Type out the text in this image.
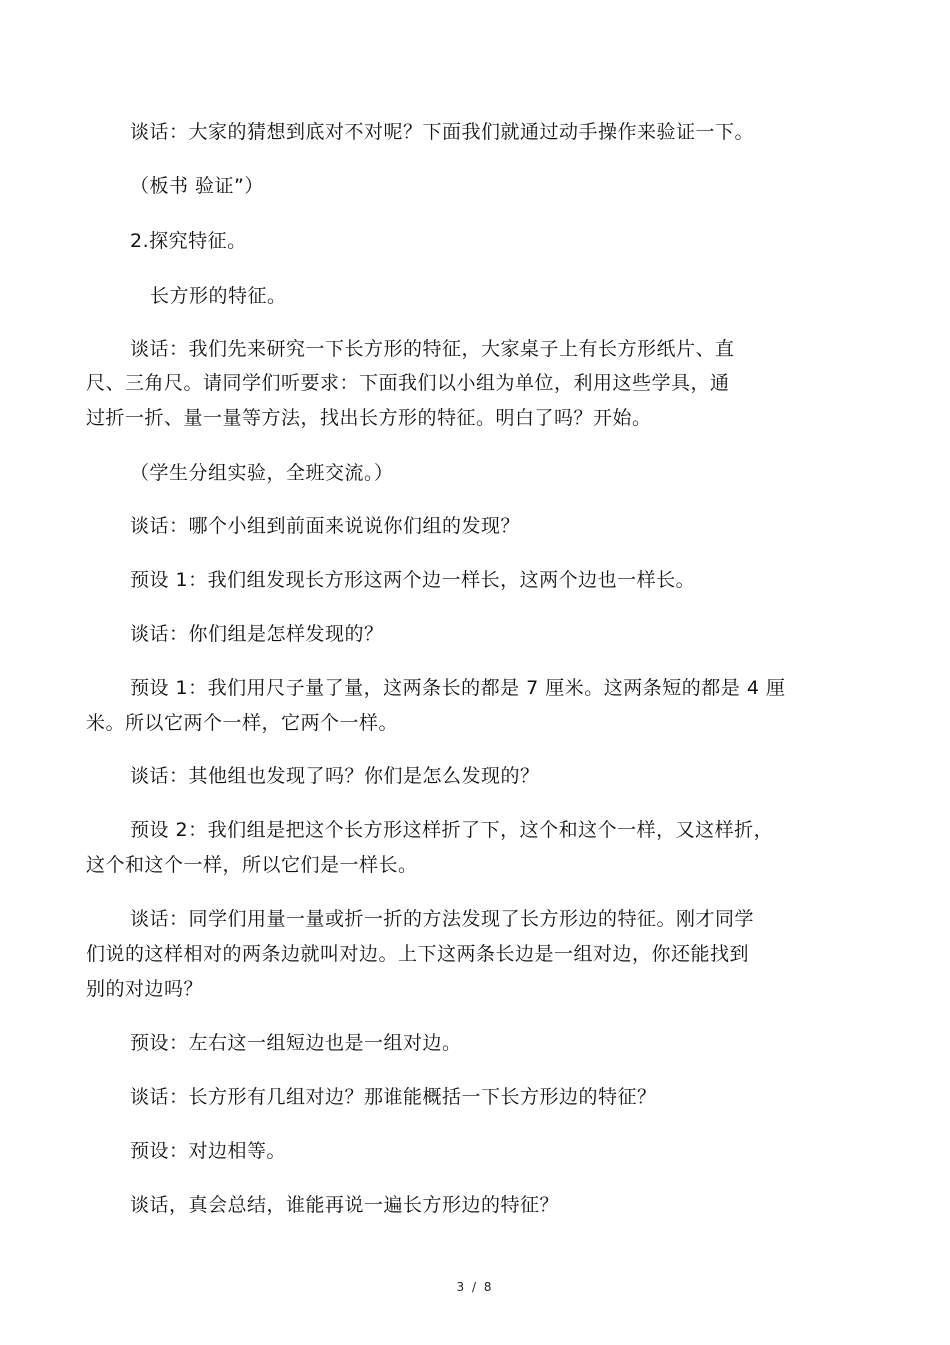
谈话：大家的猜想到底对不对呢？下面我们就通过动手操作来验证一下。
（板书 验证”）
2.探究特征。
长方形的特征。
谈话：我们先来研究一下长方形的特征，大家桌子上有长方形纸片、直
尺、三角尺。请同学们听要求：下面我们以小组为单位，利用这些学具，通
过折一折、量一量等方法，找出长方形的特征。明白了吗？开始。
（学生分组实验，全班交流。）
谈话：哪个小组到前面来说说你们组的发现？
预设 1：我们组发现长方形这两个边一样长，这两个边也一样长。
谈话：你们组是怎样发现的？
预设 1：我们用尺子量了量，这两条长的都是 7 厘米。这两条短的都是 4 厘
米。所以它两个一样，它两个一样。
谈话：其他组也发现了吗？你们是怎么发现的？
预设 2：我们组是把这个长方形这样折了下，这个和这个一样，又这样折，
这个和这个一样，所以它们是一样长。
谈话：同学们用量一量或折一折的方法发现了长方形边的特征。刚才同学
们说的这样相对的两条边就叫对边。上下这两条长边是一组对边，你还能找到
别的对边吗？
预设：左右这一组短边也是一组对边。
谈话：长方形有几组对边？那谁能概括一下长方形边的特征？
预设：对边相等。
谈话，真会总结，谁能再说一遍长方形边的特征？
3 / 8
